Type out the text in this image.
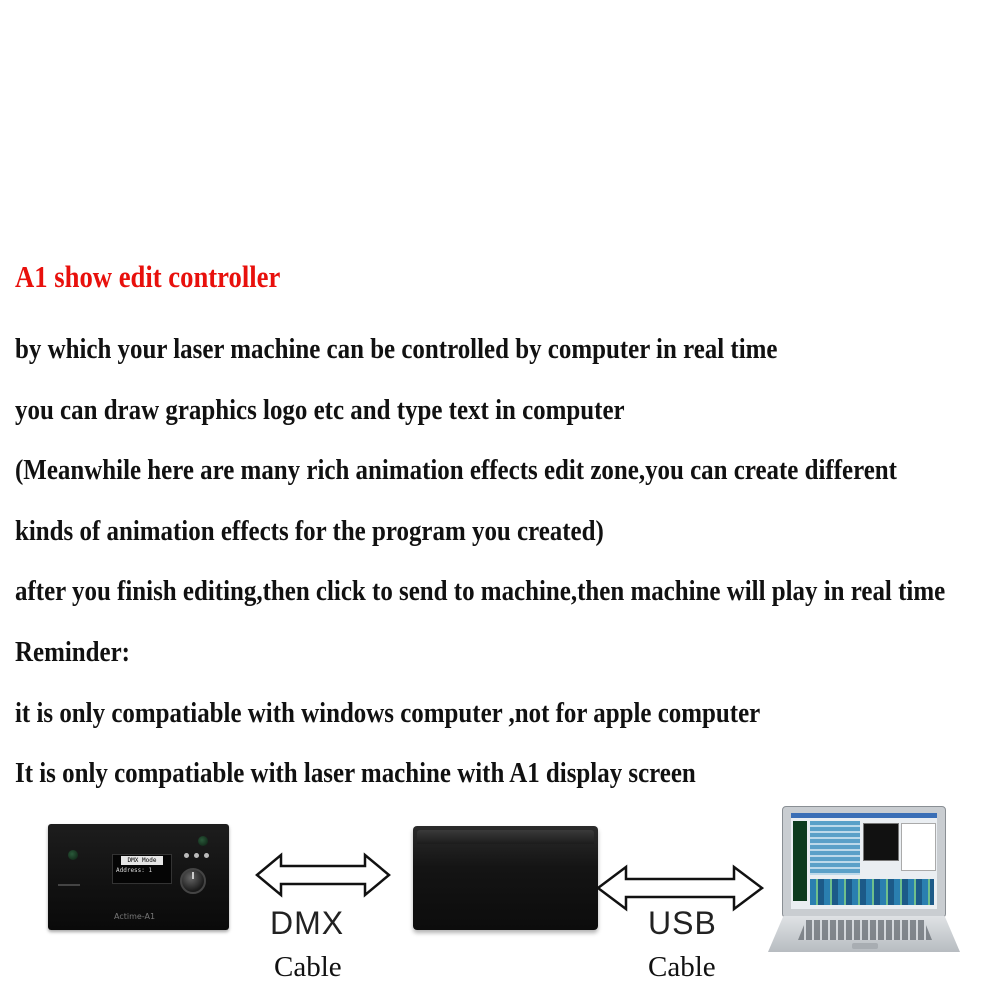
A1 show edit controller

by which your laser machine can be controlled by computer in real time

you can draw graphics logo etc and type text in computer

(Meanwhile here are many rich animation effects edit zone,you can create different

kinds of animation effects for the program you created)

after you finish editing,then click to send to machine,then machine will play in real time

Reminder:

it is only compatiable with windows computer ,not for apple computer

It is only compatiable with laser machine with A1 display screen

DMX Mode
Address: 1
Actime-A1	DMX
Cable
USB
Cable
